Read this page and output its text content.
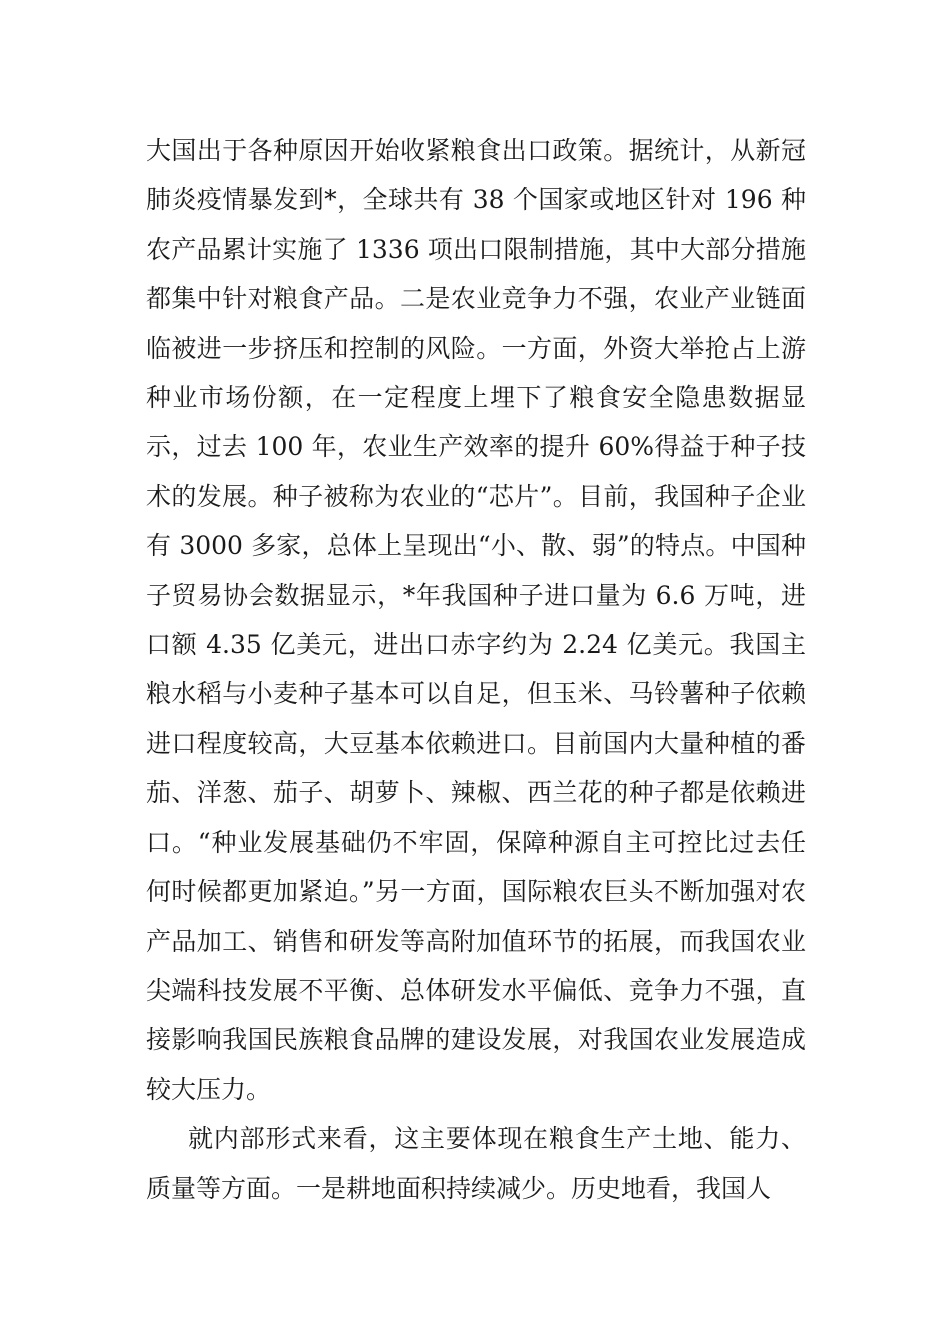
大国出于各种原因开始收紧粮食出口政策。据统计，从新冠肺炎疫情暴发到*，全球共有 38 个国家或地区针对 196 种农产品累计实施了 1336 项出口限制措施，其中大部分措施都集中针对粮食产品。二是农业竞争力不强，农业产业链面临被进一步挤压和控制的风险。一方面，外资大举抢占上游种业市场份额，在一定程度上埋下了粮食安全隐患数据显示，过去 100 年，农业生产效率的提升 60%得益于种子技术的发展。种子被称为农业的“芯片”。目前，我国种子企业有 3000 多家，总体上呈现出“小、散、弱”的特点。中国种子贸易协会数据显示，*年我国种子进口量为 6.6 万吨，进口额 4.35 亿美元，进出口赤字约为 2.24 亿美元。我国主粮水稻与小麦种子基本可以自足，但玉米、马铃薯种子依赖进口程度较高，大豆基本依赖进口。目前国内大量种植的番茄、洋葱、茄子、胡萝卜、辣椒、西兰花的种子都是依赖进口。“种业发展基础仍不牢固，保障种源自主可控比过去任何时候都更加紧迫。”另一方面，国际粮农巨头不断加强对农产品加工、销售和研发等高附加值环节的拓展，而我国农业尖端科技发展不平衡、总体研发水平偏低、竞争力不强，直接影响我国民族粮食品牌的建设发展，对我国农业发展造成较大压力。

就内部形式来看，这主要体现在粮食生产土地、能力、质量等方面。一是耕地面积持续减少。历史地看，我国人
